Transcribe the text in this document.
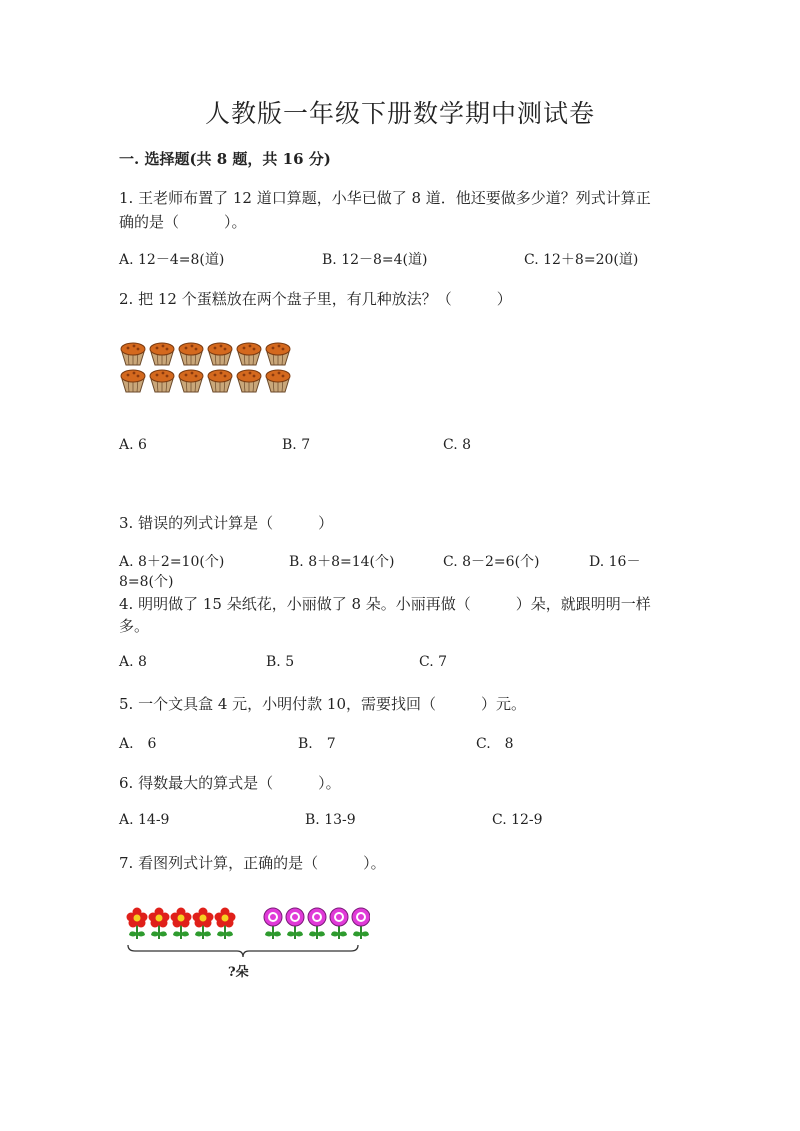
人教版一年级下册数学期中测试卷
一. 选择题(共 8 题，共 16 分)
1. 王老师布置了 12 道口算题，小华已做了 8 道．他还要做多少道？列式计算正
确的是（　　　）。
A. 12－4=8(道)	B. 12－8=4(道)	C. 12＋8=20(道)
2. 把 12 个蛋糕放在两个盘子里，有几种放法？（　　　）
A. 6	B. 7	C. 8
3. 错误的列式计算是（　　　）
A. 8＋2=10(个)	B. 8＋8=14(个)	C. 8－2=6(个)	D. 16－
8=8(个)
4. 明明做了 15 朵纸花，小丽做了 8 朵。小丽再做（　　　）朵，就跟明明一样
多。
A. 8	B. 5	C. 7
5. 一个文具盒 4 元，小明付款 10，需要找回（　　　）元。
A.　6	B.　7	C.　8
6. 得数最大的算式是（　　　）。
A. 14-9	B. 13-9	C. 12-9
7. 看图列式计算，正确的是（　　　）。
?朵
